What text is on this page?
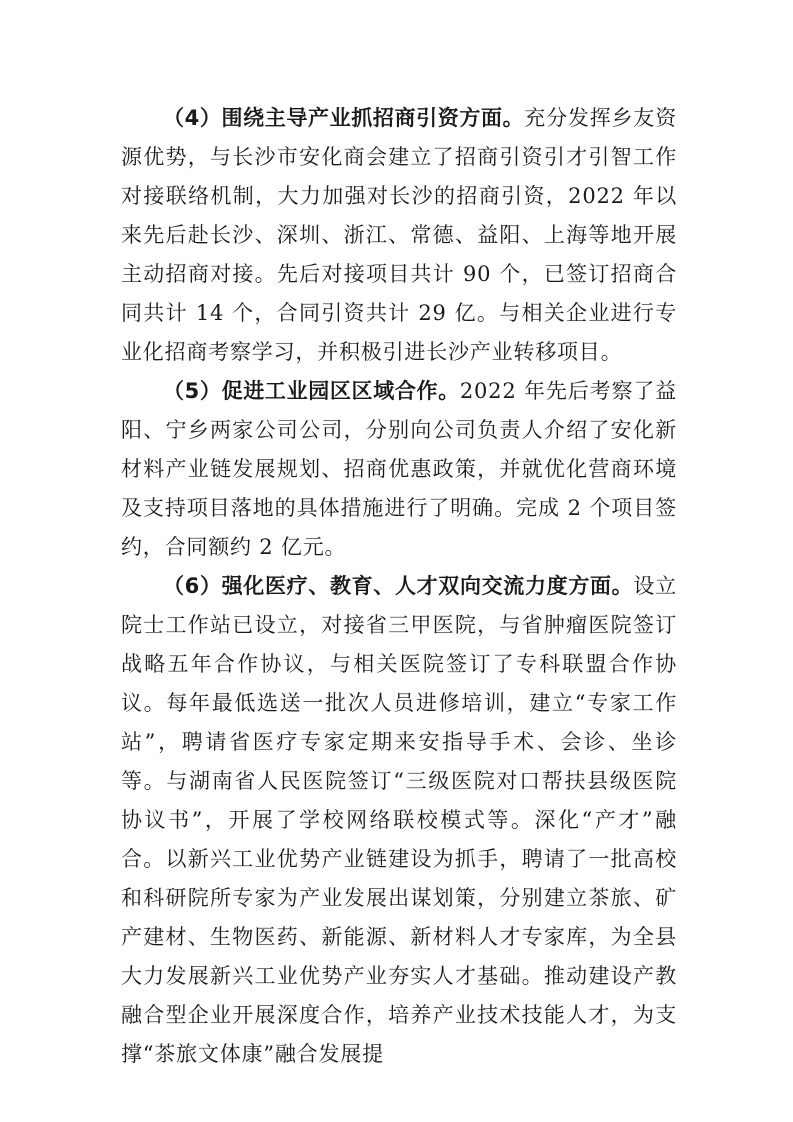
（4）围绕主导产业抓招商引资方面。充分发挥乡友资源优势，与长沙市安化商会建立了招商引资引才引智工作对接联络机制，大力加强对长沙的招商引资，2022 年以来先后赴长沙、深圳、浙江、常德、益阳、上海等地开展主动招商对接。先后对接项目共计 90 个，已签订招商合同共计 14 个，合同引资共计 29 亿。与相关企业进行专业化招商考察学习，并积极引进长沙产业转移项目。

（5）促进工业园区区域合作。2022 年先后考察了益阳、宁乡两家公司公司，分别向公司负责人介绍了安化新材料产业链发展规划、招商优惠政策，并就优化营商环境及支持项目落地的具体措施进行了明确。完成 2 个项目签约，合同额约 2 亿元。

（6）强化医疗、教育、人才双向交流力度方面。设立院士工作站已设立，对接省三甲医院，与省肿瘤医院签订战略五年合作协议，与相关医院签订了专科联盟合作协议。每年最低选送一批次人员进修培训，建立“专家工作站”，聘请省医疗专家定期来安指导手术、会诊、坐诊等。与湖南省人民医院签订“三级医院对口帮扶县级医院协议书”，开展了学校网络联校模式等。深化“产才”融合。以新兴工业优势产业链建设为抓手，聘请了一批高校和科研院所专家为产业发展出谋划策，分别建立茶旅、矿产建材、生物医药、新能源、新材料人才专家库，为全县大力发展新兴工业优势产业夯实人才基础。推动建设产教融合型企业开展深度合作，培养产业技术技能人才，为支撑“茶旅文体康”融合发展提
